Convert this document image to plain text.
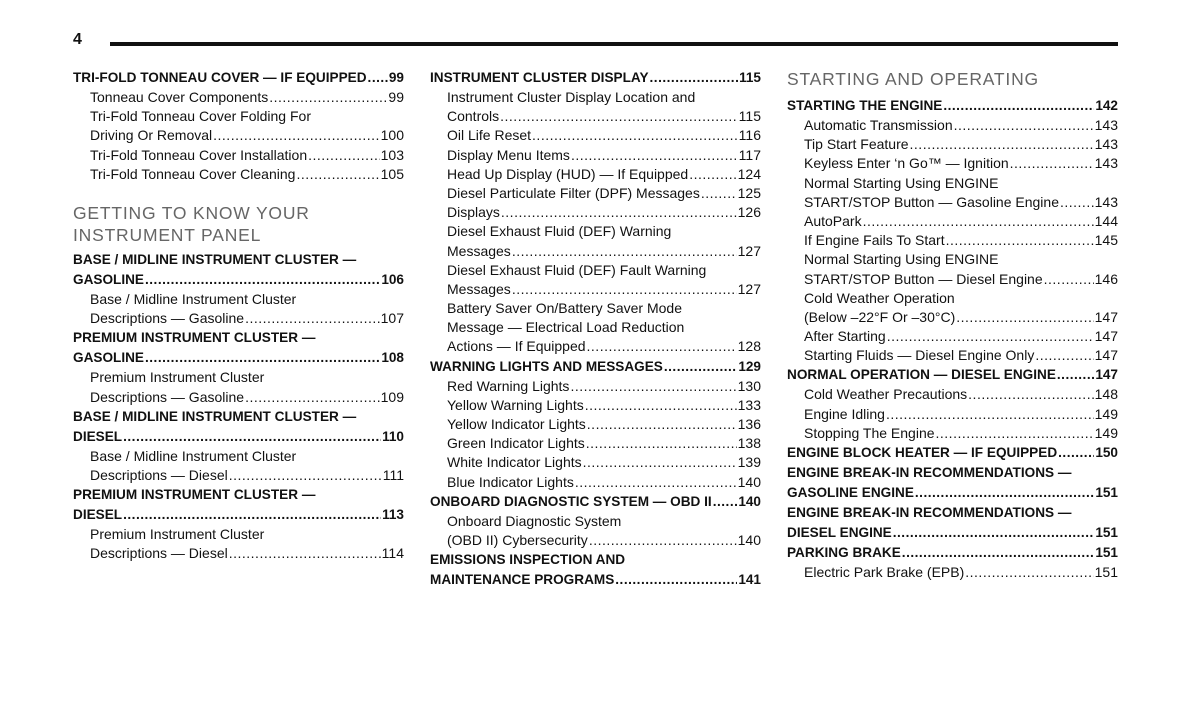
4
TRI-FOLD TONNEAU COVER — IF EQUIPPED ..... 99
Tonneau Cover Components .....	99
Tri-Fold Tonneau Cover Folding For
Driving Or Removal .....	100
Tri-Fold Tonneau Cover Installation .....	103
Tri-Fold Tonneau Cover Cleaning .....	105
GETTING TO KNOW YOUR
INSTRUMENT PANEL
BASE / MIDLINE INSTRUMENT CLUSTER —
GASOLINE .....	106
Base / Midline Instrument Cluster
Descriptions — Gasoline .....	107
PREMIUM INSTRUMENT CLUSTER —
GASOLINE .....	108
Premium Instrument Cluster
Descriptions — Gasoline .....	109
BASE / MIDLINE INSTRUMENT CLUSTER —
DIESEL .....	110
Base / Midline Instrument Cluster
Descriptions — Diesel .....	111
PREMIUM INSTRUMENT CLUSTER —
DIESEL .....	113
Premium Instrument Cluster
Descriptions — Diesel .....	114
INSTRUMENT CLUSTER DISPLAY .....	115
Instrument Cluster Display Location and
Controls .....	115
Oil Life Reset .....	116
Display Menu Items .....	117
Head Up Display (HUD) — If Equipped .....	124
Diesel Particulate Filter (DPF) Messages .....	125
Displays .....	126
Diesel Exhaust Fluid (DEF) Warning
Messages .....	127
Diesel Exhaust Fluid (DEF) Fault Warning
Messages .....	127
Battery Saver On/Battery Saver Mode
Message — Electrical Load Reduction
Actions — If Equipped .....	128
WARNING LIGHTS AND MESSAGES .....	129
Red Warning Lights .....	130
Yellow Warning Lights .....	133
Yellow Indicator Lights .....	136
Green Indicator Lights .....	138
White Indicator Lights .....	139
Blue Indicator Lights .....	140
ONBOARD DIAGNOSTIC SYSTEM — OBD II ..... 140
Onboard Diagnostic System
(OBD II) Cybersecurity .....	140
EMISSIONS INSPECTION AND
MAINTENANCE PROGRAMS .....	141
STARTING AND OPERATING
STARTING THE ENGINE .....	142
Automatic Transmission .....	143
Tip Start Feature .....	143
Keyless Enter ‘n Go™ — Ignition .....	143
Normal Starting Using ENGINE
START/STOP Button — Gasoline Engine .....	143
AutoPark .....	144
If Engine Fails To Start .....	145
Normal Starting Using ENGINE
START/STOP Button — Diesel Engine .....	146
Cold Weather Operation
(Below –22°F Or –30°C) .....	147
After Starting .....	147
Starting Fluids — Diesel Engine Only .....	147
NORMAL OPERATION — DIESEL ENGINE .....	147
Cold Weather Precautions .....	148
Engine Idling .....	149
Stopping The Engine .....	149
ENGINE BLOCK HEATER — IF EQUIPPED .....	150
ENGINE BREAK-IN RECOMMENDATIONS —
GASOLINE ENGINE .....	151
ENGINE BREAK-IN RECOMMENDATIONS —
DIESEL ENGINE .....	151
PARKING BRAKE .....	151
Electric Park Brake (EPB) .....	151
